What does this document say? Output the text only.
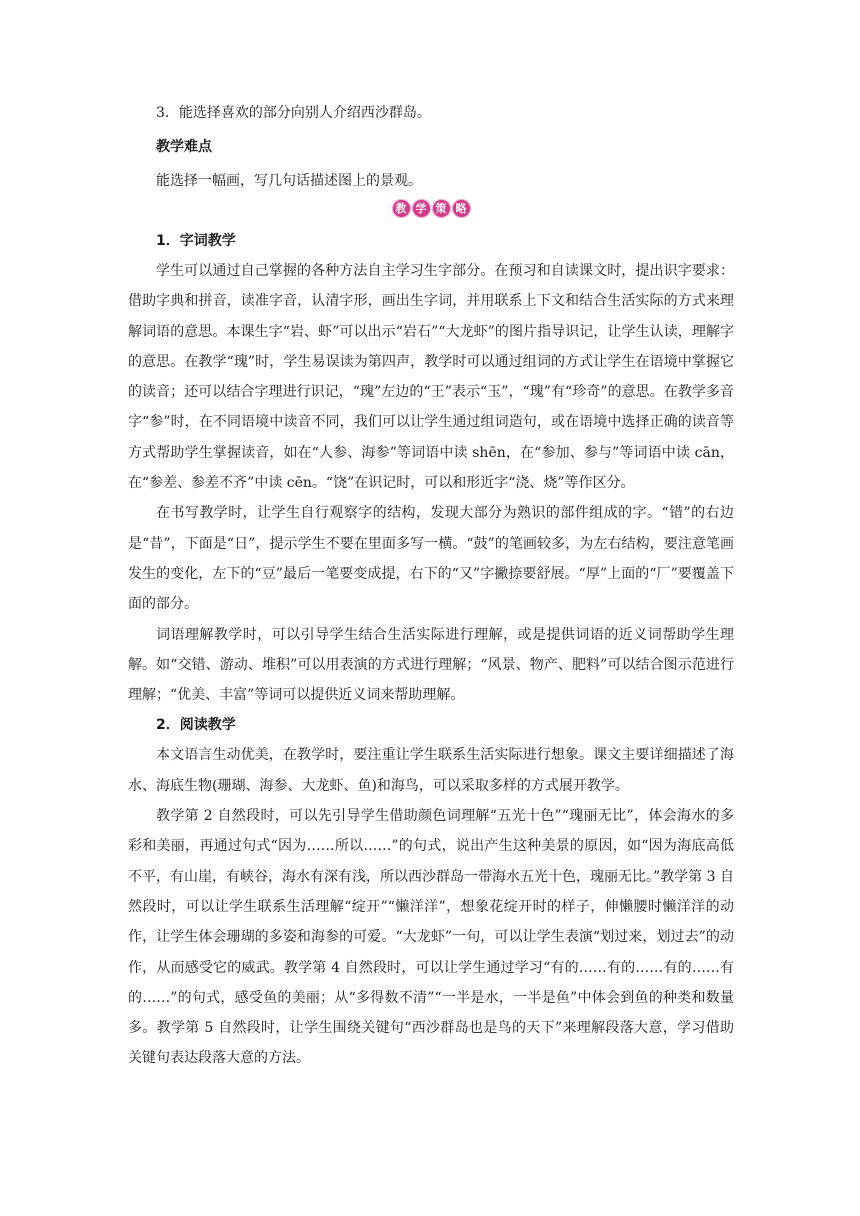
3．能选择喜欢的部分向别人介绍西沙群岛。

教学难点

能选择一幅画，写几句话描述图上的景观。

教 学 策 略

1．字词教学

学生可以通过自己掌握的各种方法自主学习生字部分。在预习和自读课文时，提出识字要求：借助字典和拼音，读准字音，认清字形，画出生字词，并用联系上下文和结合生活实际的方式来理解词语的意思。本课生字“岩、虾”可以出示“岩石”“大龙虾”的图片指导识记，让学生认读，理解字的意思。在教学“瑰”时，学生易误读为第四声，教学时可以通过组词的方式让学生在语境中掌握它的读音；还可以结合字理进行识记，“瑰”左边的“王”表示“玉”，“瑰”有“珍奇”的意思。在教学多音字“参”时，在不同语境中读音不同，我们可以让学生通过组词造句，或在语境中选择正确的读音等方式帮助学生掌握读音，如在“人参、海参”等词语中读 shēn，在“参加、参与”等词语中读 cān，在“参差、参差不齐”中读 cēn。“饶”在识记时，可以和形近字“浇、烧”等作区分。

在书写教学时，让学生自行观察字的结构，发现大部分为熟识的部件组成的字。“错”的右边是“昔”，下面是“日”，提示学生不要在里面多写一横。“鼓”的笔画较多，为左右结构，要注意笔画发生的变化，左下的“豆”最后一笔要变成提，右下的“又”字撇捺要舒展。“厚”上面的“厂”要覆盖下面的部分。

词语理解教学时，可以引导学生结合生活实际进行理解，或是提供词语的近义词帮助学生理解。如“交错、游动、堆积”可以用表演的方式进行理解；“风景、物产、肥料”可以结合图示范进行理解；“优美、丰富”等词可以提供近义词来帮助理解。

2．阅读教学

本文语言生动优美，在教学时，要注重让学生联系生活实际进行想象。课文主要详细描述了海水、海底生物(珊瑚、海参、大龙虾、鱼)和海鸟，可以采取多样的方式展开教学。

教学第 2 自然段时，可以先引导学生借助颜色词理解“五光十色”“瑰丽无比”，体会海水的多彩和美丽，再通过句式“因为……所以……”的句式，说出产生这种美景的原因，如“因为海底高低不平，有山崖，有峡谷，海水有深有浅，所以西沙群岛一带海水五光十色，瑰丽无比。”教学第 3 自然段时，可以让学生联系生活理解“绽开”“懒洋洋”，想象花绽开时的样子，伸懒腰时懒洋洋的动作，让学生体会珊瑚的多姿和海参的可爱。“大龙虾”一句，可以让学生表演“划过来，划过去”的动作，从而感受它的威武。教学第 4 自然段时，可以让学生通过学习“有的……有的……有的……有的……”的句式，感受鱼的美丽；从“多得数不清”“一半是水，一半是鱼”中体会到鱼的种类和数量多。教学第 5 自然段时，让学生围绕关键句“西沙群岛也是鸟的天下”来理解段落大意，学习借助关键句表达段落大意的方法。
